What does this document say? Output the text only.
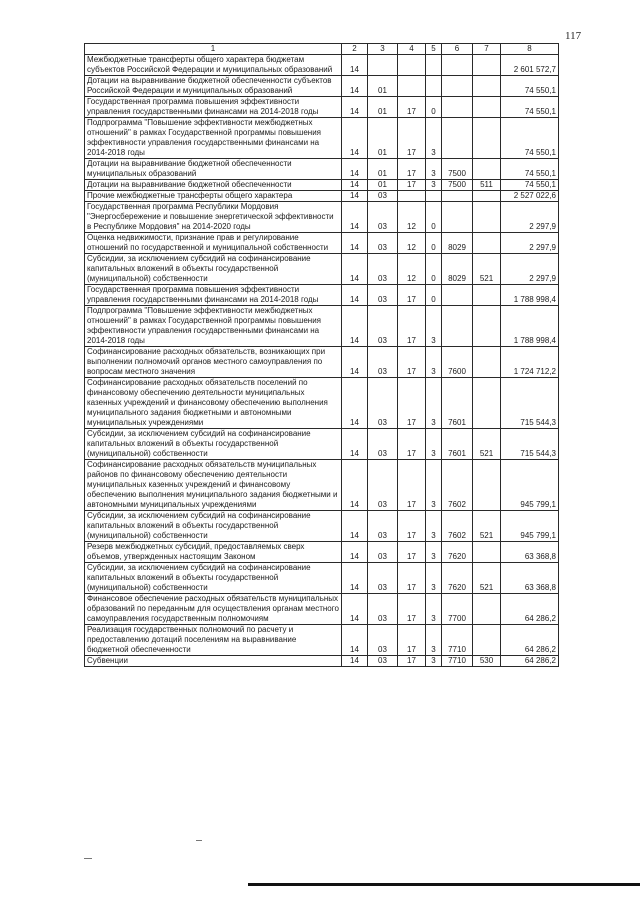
117
1	2	3	4	5	6	7	8
Межбюджетные трансферты общего характера бюджетам субъектов Российской Федерации и муниципальных образований	14						2 601 572,7
Дотации на выравнивание бюджетной обеспеченности субъектов Российской Федерации и муниципальных образований	14	01					74 550,1
Государственная программа повышения эффективности управления государственными финансами на 2014-2018 годы	14	01	17	0			74 550,1
Подпрограмма "Повышение эффективности межбюджетных отношений" в рамках Государственной программы повышения эффективности управления государственными финансами на 2014-2018 годы	14	01	17	3			74 550,1
Дотации на выравнивание бюджетной обеспеченности муниципальных образований	14	01	17	3	7500		74 550,1
Дотации на выравнивание бюджетной обеспеченности	14	01	17	3	7500	511	74 550,1
Прочие межбюджетные трансферты общего характера	14	03					2 527 022,6
Государственная программа Республики Мордовия "Энергосбережение и повышение энергетической эффективности в Республике Мордовия" на 2014-2020 годы	14	03	12	0			2 297,9
Оценка недвижимости, признание прав и регулирование отношений по государственной и муниципальной собственности	14	03	12	0	8029		2 297,9
Субсидии, за исключением субсидий на софинансирование капитальных вложений в объекты государственной (муниципальной) собственности	14	03	12	0	8029	521	2 297,9
Государственная программа повышения эффективности управления государственными финансами на 2014-2018 годы	14	03	17	0			1 788 998,4
Подпрограмма "Повышение эффективности межбюджетных отношений" в рамках Государственной программы повышения эффективности управления государственными финансами на 2014-2018 годы	14	03	17	3			1 788 998,4
Софинансирование расходных обязательств, возникающих при выполнении полномочий органов местного самоуправления по вопросам местного значения	14	03	17	3	7600		1 724 712,2
Софинансирование расходных обязательств поселений по финансовому обеспечению деятельности муниципальных казенных учреждений и финансовому обеспечению выполнения муниципального задания бюджетными и автономными муниципальных учреждениями	14	03	17	3	7601		715 544,3
Субсидии, за исключением субсидий на софинансирование капитальных вложений в объекты государственной (муниципальной) собственности	14	03	17	3	7601	521	715 544,3
Софинансирование расходных обязательств муниципальных районов по финансовому обеспечению деятельности муниципальных казенных учреждений и финансовому обеспечению выполнения муниципального задания бюджетными и автономными муниципальных учреждениями	14	03	17	3	7602		945 799,1
Субсидии, за исключением субсидий на софинансирование капитальных вложений в объекты государственной (муниципальной) собственности	14	03	17	3	7602	521	945 799,1
Резерв межбюджетных субсидий, предоставляемых сверх объемов, утвержденных настоящим Законом	14	03	17	3	7620		63 368,8
Субсидии, за исключением субсидий на софинансирование капитальных вложений в объекты государственной (муниципальной) собственности	14	03	17	3	7620	521	63 368,8
Финансовое обеспечение расходных обязательств муниципальных образований по переданным для осуществления органам местного самоуправления государственным полномочиям	14	03	17	3	7700		64 286,2
Реализация государственных полномочий по расчету и предоставлению дотаций поселениям на выравнивание бюджетной обеспеченности	14	03	17	3	7710		64 286,2
Субвенции	14	03	17	3	7710	530	64 286,2
